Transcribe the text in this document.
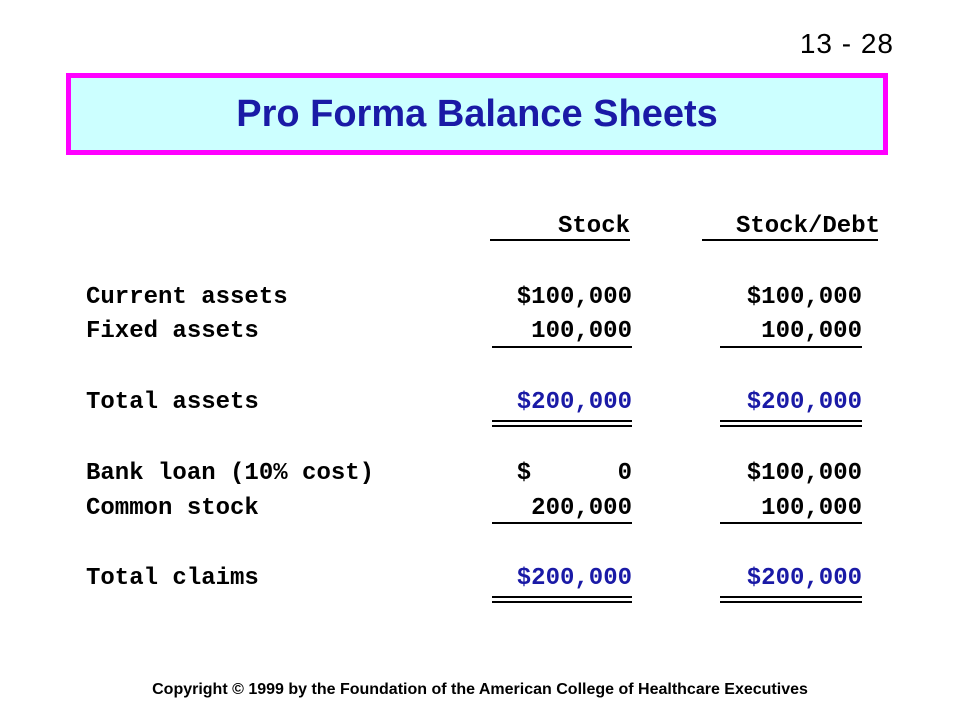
13 - 28
Pro Forma Balance Sheets
Stock	Stock/Debt
Current assets	$100,000	$100,000
Fixed assets	100,000	100,000
Total assets	$200,000	$200,000
Bank loan (10% cost)	$      0	$100,000
Common stock	200,000	100,000
Total claims	$200,000	$200,000
Copyright © 1999 by the Foundation of the American College of Healthcare Executives
